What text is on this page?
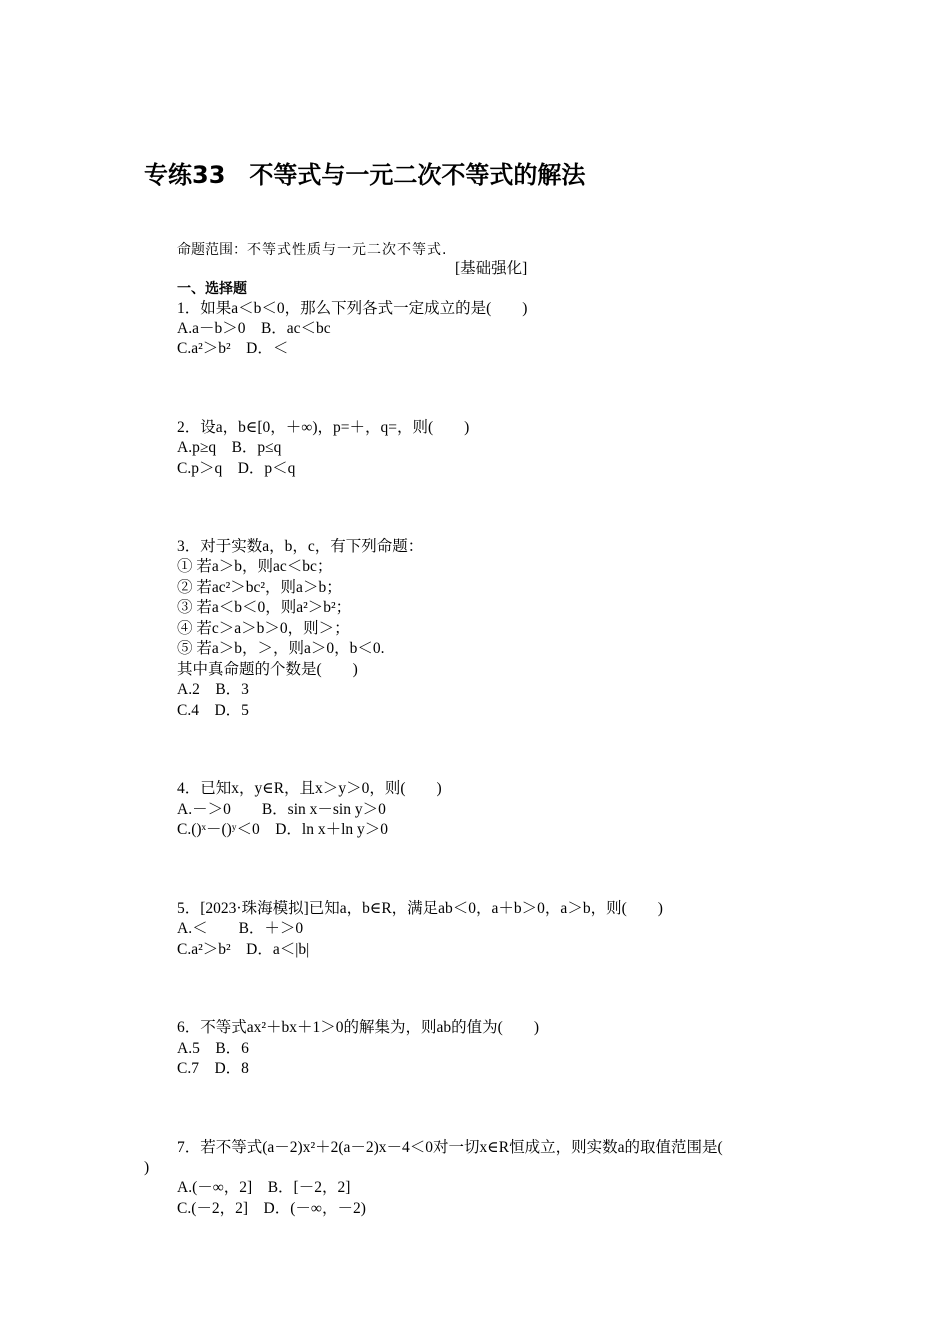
专练33　不等式与一元二次不等式的解法
命题范围：不等式性质与一元二次不等式.
[基础强化]
一、选择题
1．如果a＜b＜0，那么下列各式一定成立的是(　　)
A.a－b＞0　B．ac＜bc
C.a²＞b²　D．＜
2．设a，b∈[0，＋∞)，p=＋，q=，则(　　)
A.p≥q　B．p≤q
C.p＞q　D．p＜q
3．对于实数a，b，c，有下列命题：
① 若a＞b，则ac＜bc；
② 若ac²＞bc²，则a＞b；
③ 若a＜b＜0，则a²＞b²；
④ 若c＞a＞b＞0，则＞；
⑤ 若a＞b，＞，则a＞0，b＜0.
其中真命题的个数是(　　)
A.2　B．3
C.4　D．5
4．已知x，y∈R，且x＞y＞0，则(　　)
A.－＞0　　B．sin x－sin y＞0
C.()ˣ－()ʸ＜0　D．ln x＋ln y＞0
5．[2023·珠海模拟]已知a，b∈R，满足ab＜0，a＋b＞0，a＞b，则(　　)
A.＜　　B．＋＞0
C.a²＞b²　D．a＜|b|
6．不等式ax²＋bx＋1＞0的解集为，则ab的值为(　　)
A.5　B．6
C.7　D．8
7．若不等式(a－2)x²＋2(a－2)x－4＜0对一切x∈R恒成立，则实数a的取值范围是(
)
A.(－∞，2]　B．[－2，2]
C.(－2，2]　D．(－∞，－2)
